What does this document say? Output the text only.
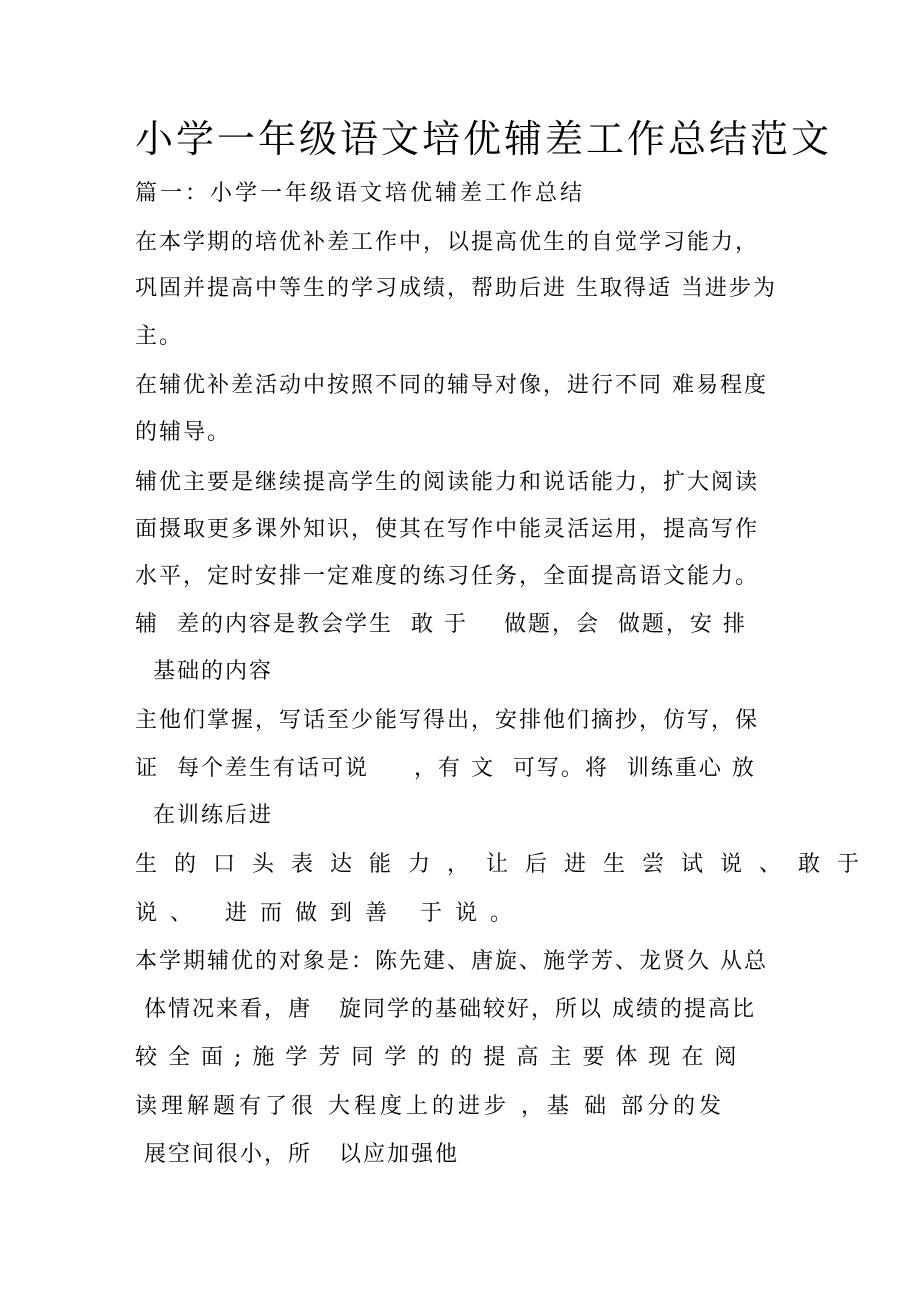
小学一年级语文培优辅差工作总结范文
篇一：小学一年级语文培优辅差工作总结
在本学期的培优补差工作中，以提高优生的自觉学习能力，
巩固并提高中等生的学习成绩，帮助后进 生取得适 当进步为
主。
在辅优补差活动中按照不同的辅导对像，进行不同 难易程度
的辅导。
辅优主要是继续提高学生的阅读能力和说话能力，扩大阅读
面摄取更多课外知识，使其在写作中能灵活运用，提高写作
水平，定时安排一定难度的练习任务，全面提高语文能力。
辅  差的内容是教会学生  敢 于    做题，会  做题，安 排
基础的内容
主他们掌握，写话至少能写得出，安排他们摘抄，仿写，保
证  每个差生有话可说     ，有 文  可写。将  训练重心 放
在训练后进
生的口头表达能力，让后进生尝试说、敢于
说、 进而做到善 于说。
本学期辅优的对象是：陈先建、唐旋、施学芳、龙贤久 从总
体情况来看，唐   旋同学的基础较好，所以 成绩的提高比
较全面;施学芳同学的的提高主要体现在阅
读理解题有了很 大程度上的进步 ，基 础 部分的发
展空间很小，所   以应加强他
